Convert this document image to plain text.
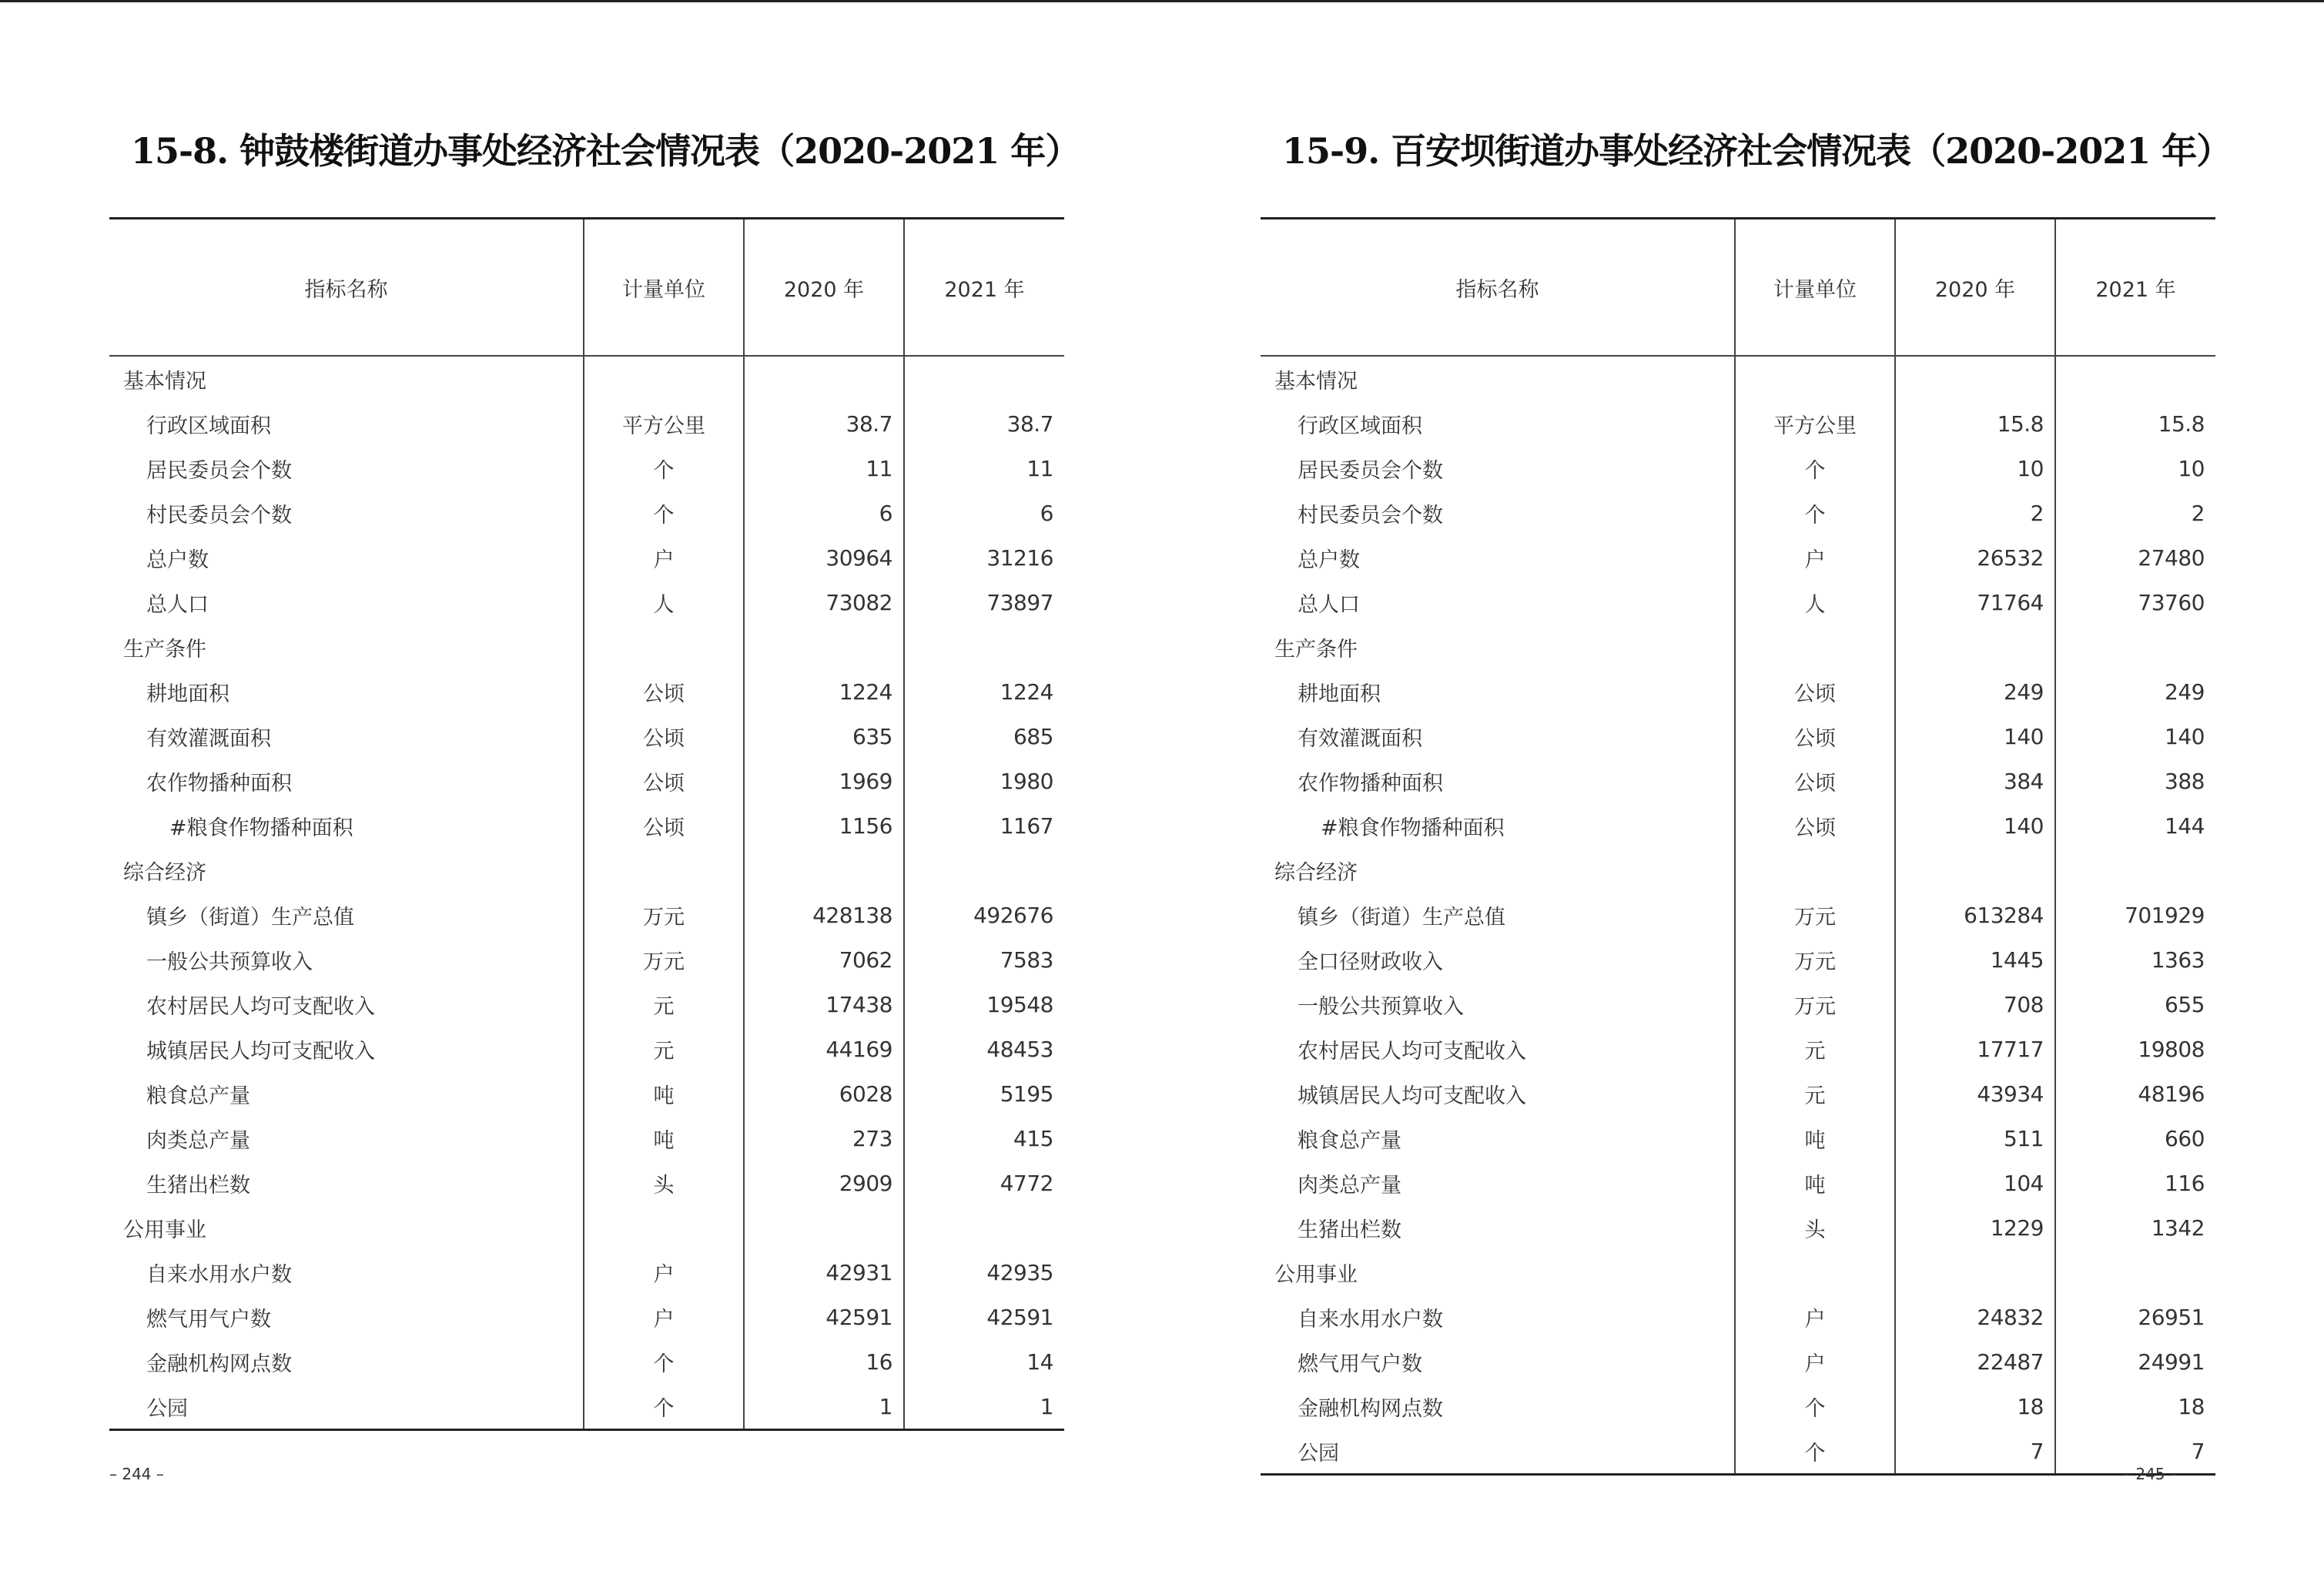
15-8. 钟鼓楼街道办事处经济社会情况表（2020-2021 年）
指标名称	计量单位	2020 年	2021 年
基本情况			
行政区域面积	平方公里	38.7	38.7
居民委员会个数	个	11	11
村民委员会个数	个	6	6
总户数	户	30964	31216
总人口	人	73082	73897
生产条件			
耕地面积	公顷	1224	1224
有效灌溉面积	公顷	635	685
农作物播种面积	公顷	1969	1980
#粮食作物播种面积	公顷	1156	1167
综合经济			
镇乡（街道）生产总值	万元	428138	492676
一般公共预算收入	万元	7062	7583
农村居民人均可支配收入	元	17438	19548
城镇居民人均可支配收入	元	44169	48453
粮食总产量	吨	6028	5195
肉类总产量	吨	273	415
生猪出栏数	头	2909	4772
公用事业			
自来水用水户数	户	42931	42935
燃气用气户数	户	42591	42591
金融机构网点数	个	16	14
公园	个	1	1
– 244 –
15-9. 百安坝街道办事处经济社会情况表（2020-2021 年）
指标名称	计量单位	2020 年	2021 年
基本情况			
行政区域面积	平方公里	15.8	15.8
居民委员会个数	个	10	10
村民委员会个数	个	2	2
总户数	户	26532	27480
总人口	人	71764	73760
生产条件			
耕地面积	公顷	249	249
有效灌溉面积	公顷	140	140
农作物播种面积	公顷	384	388
#粮食作物播种面积	公顷	140	144
综合经济			
镇乡（街道）生产总值	万元	613284	701929
全口径财政收入	万元	1445	1363
一般公共预算收入	万元	708	655
农村居民人均可支配收入	元	17717	19808
城镇居民人均可支配收入	元	43934	48196
粮食总产量	吨	511	660
肉类总产量	吨	104	116
生猪出栏数	头	1229	1342
公用事业			
自来水用水户数	户	24832	26951
燃气用气户数	户	22487	24991
金融机构网点数	个	18	18
公园	个	7	7
– 245 –
